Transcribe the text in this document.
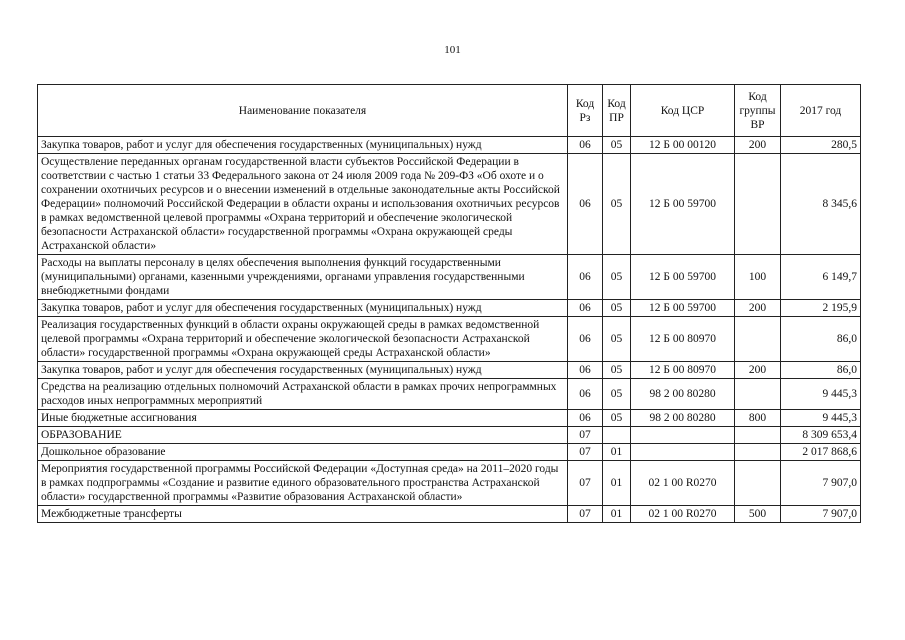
101
Наименование показателя	Код Рз	Код ПР	Код ЦСР	Код группы ВР	2017 год
Закупка товаров, работ и услуг для обеспечения государственных (муниципальных) нужд	06	05	12 Б 00 00120	200	280,5
Осуществление переданных органам государственной власти субъектов Российской Федерации в соответствии с частью 1 статьи 33 Федерального закона от 24 июля 2009 года № 209-ФЗ «Об охоте и о сохранении охотничьих ресурсов и о внесении изменений в отдельные законодательные акты Российской Федерации» полномочий Российской Федерации в области охраны и использования охотничьих ресурсов в рамках ведомственной целевой программы «Охрана территорий и обеспечение экологической безопасности Астраханской области» государственной программы «Охрана окружающей среды Астраханской области»	06	05	12 Б 00 59700		8 345,6
Расходы на выплаты персоналу в целях обеспечения выполнения функций государственными (муниципальными) органами, казенными учреждениями, органами управления государственными внебюджетными фондами	06	05	12 Б 00 59700	100	6 149,7
Закупка товаров, работ и услуг для обеспечения государственных (муниципальных) нужд	06	05	12 Б 00 59700	200	2 195,9
Реализация государственных функций в области охраны окружающей среды в рамках ведомственной целевой программы «Охрана территорий и обеспечение экологической безопасности Астраханской области» государственной программы «Охрана окружающей среды Астраханской области»	06	05	12 Б 00 80970		86,0
Закупка товаров, работ и услуг для обеспечения государственных (муниципальных) нужд	06	05	12 Б 00 80970	200	86,0
Средства на реализацию отдельных полномочий Астраханской области в рамках прочих непрограммных расходов иных непрограммных мероприятий	06	05	98 2 00 80280		9 445,3
Иные бюджетные ассигнования	06	05	98 2 00 80280	800	9 445,3
ОБРАЗОВАНИЕ	07				8 309 653,4
Дошкольное образование	07	01			2 017 868,6
Мероприятия государственной программы Российской Федерации «Доступная среда» на 2011–2020 годы в рамках подпрограммы «Создание и развитие единого образовательного пространства Астраханской области» государственной программы «Развитие образования Астраханской области»	07	01	02 1 00 R0270		7 907,0
Межбюджетные трансферты	07	01	02 1 00 R0270	500	7 907,0
